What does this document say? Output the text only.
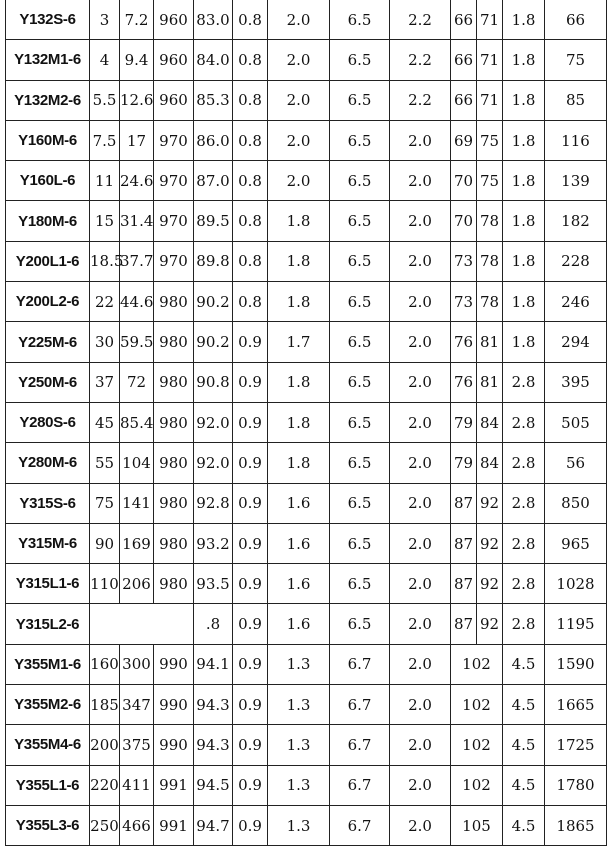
Y132S-6	3	7.2	960	83.0	0.8	2.0	6.5	2.2	66	71	1.8	66
Y132M1-6	4	9.4	960	84.0	0.8	2.0	6.5	2.2	66	71	1.8	75
Y132M2-6	5.5	12.6	960	85.3	0.8	2.0	6.5	2.2	66	71	1.8	85
Y160M-6	7.5	17	970	86.0	0.8	2.0	6.5	2.0	69	75	1.8	116
Y160L-6	11	24.6	970	87.0	0.8	2.0	6.5	2.0	70	75	1.8	139
Y180M-6	15	31.4	970	89.5	0.8	1.8	6.5	2.0	70	78	1.8	182
Y200L1-6	18.5	37.7	970	89.8	0.8	1.8	6.5	2.0	73	78	1.8	228
Y200L2-6	22	44.6	980	90.2	0.8	1.8	6.5	2.0	73	78	1.8	246
Y225M-6	30	59.5	980	90.2	0.9	1.7	6.5	2.0	76	81	1.8	294
Y250M-6	37	72	980	90.8	0.9	1.8	6.5	2.0	76	81	2.8	395
Y280S-6	45	85.4	980	92.0	0.9	1.8	6.5	2.0	79	84	2.8	505
Y280M-6	55	104	980	92.0	0.9	1.8	6.5	2.0	79	84	2.8	56
Y315S-6	75	141	980	92.8	0.9	1.6	6.5	2.0	87	92	2.8	850
Y315M-6	90	169	980	93.2	0.9	1.6	6.5	2.0	87	92	2.8	965
Y315L1-6	110	206	980	93.5	0.9	1.6	6.5	2.0	87	92	2.8	1028
Y315L2-6				.8	0.9	1.6	6.5	2.0	87	92	2.8	1195
Y355M1-6	160	300	990	94.1	0.9	1.3	6.7	2.0	102		4.5	1590
Y355M2-6	185	347	990	94.3	0.9	1.3	6.7	2.0	102		4.5	1665
Y355M4-6	200	375	990	94.3	0.9	1.3	6.7	2.0	102		4.5	1725
Y355L1-6	220	411	991	94.5	0.9	1.3	6.7	2.0	102		4.5	1780
Y355L3-6	250	466	991	94.7	0.9	1.3	6.7	2.0	105		4.5	1865
